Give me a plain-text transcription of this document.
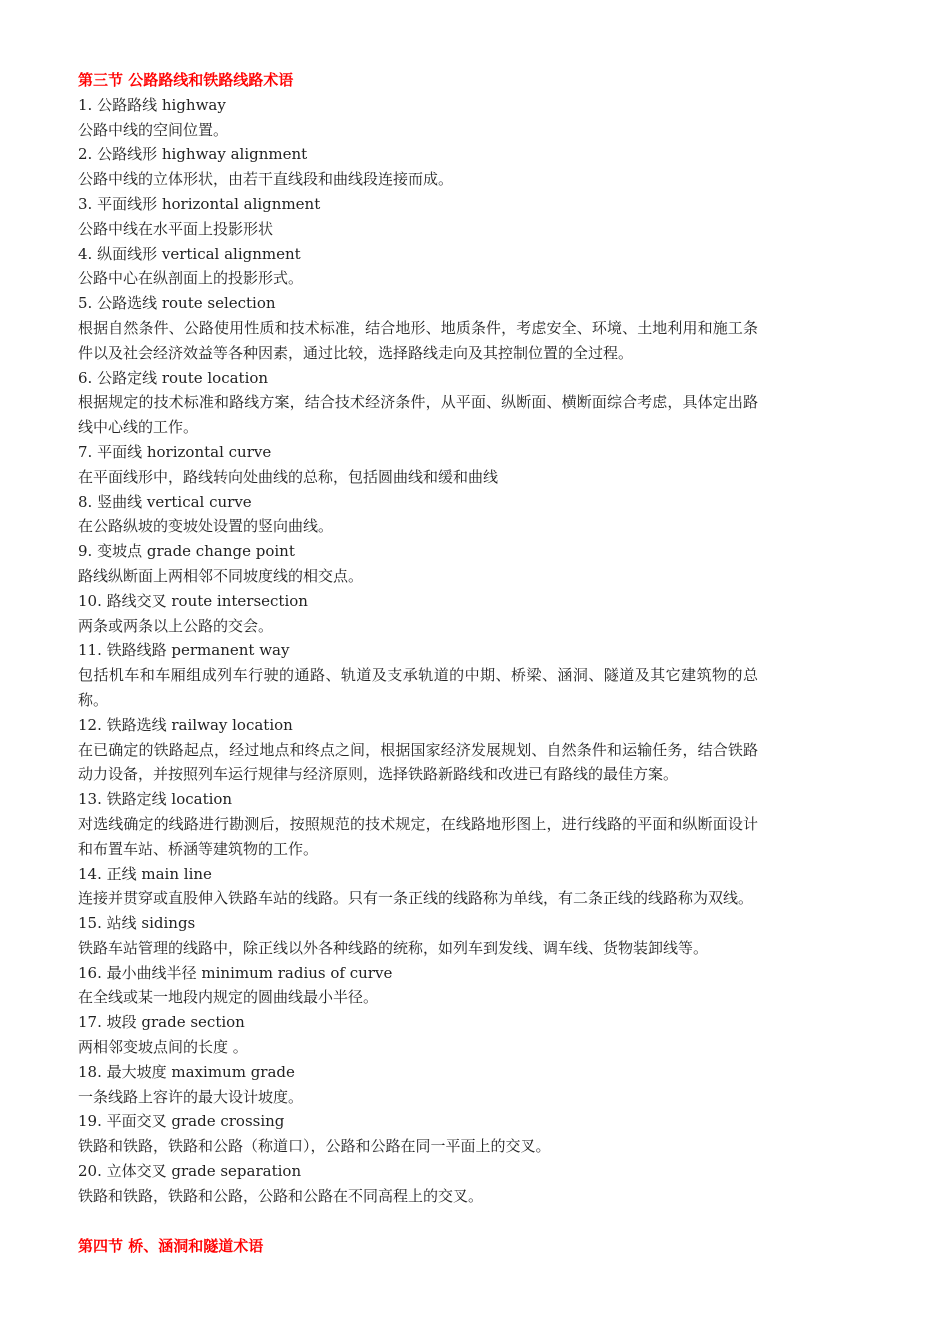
第三节 公路路线和铁路线路术语
1. 公路路线 highway
公路中线的空间位置。
2. 公路线形 highway alignment
公路中线的立体形状，由若干直线段和曲线段连接而成。
3. 平面线形 horizontal alignment
公路中线在水平面上投影形状
4. 纵面线形 vertical alignment
公路中心在纵剖面上的投影形式。
5. 公路选线 route selection
根据自然条件、公路使用性质和技术标准，结合地形、地质条件，考虑安全、环境、土地利用和施工条件以及社会经济效益等各种因素，通过比较，选择路线走向及其控制位置的全过程。
6. 公路定线 route location
根据规定的技术标准和路线方案，结合技术经济条件，从平面、纵断面、横断面综合考虑，具体定出路线中心线的工作。
7. 平面线 horizontal curve
在平面线形中，路线转向处曲线的总称，包括圆曲线和缓和曲线
8. 竖曲线 vertical curve
在公路纵坡的变坡处设置的竖向曲线。
9. 变坡点 grade change point
路线纵断面上两相邻不同坡度线的相交点。
10. 路线交叉 route intersection
两条或两条以上公路的交会。
11. 铁路线路 permanent way
包括机车和车厢组成列车行驶的通路、轨道及支承轨道的中期、桥梁、涵洞、隧道及其它建筑物的总称。
12. 铁路选线 railway location
在已确定的铁路起点，经过地点和终点之间，根据国家经济发展规划、自然条件和运输任务，结合铁路动力设备，并按照列车运行规律与经济原则，选择铁路新路线和改进已有路线的最佳方案。
13. 铁路定线 location
对选线确定的线路进行勘测后，按照规范的技术规定，在线路地形图上，进行线路的平面和纵断面设计和布置车站、桥涵等建筑物的工作。
14. 正线 main line
连接并贯穿或直股伸入铁路车站的线路。只有一条正线的线路称为单线，有二条正线的线路称为双线。
15. 站线 sidings
铁路车站管理的线路中，除正线以外各种线路的统称，如列车到发线、调车线、货物装卸线等。
16. 最小曲线半径 minimum radius of curve
在全线或某一地段内规定的圆曲线最小半径。
17. 坡段 grade section
两相邻变坡点间的长度 。
18. 最大坡度 maximum grade
一条线路上容许的最大设计坡度。
19. 平面交叉 grade crossing
铁路和铁路，铁路和公路（称道口），公路和公路在同一平面上的交叉。
20. 立体交叉 grade separation
铁路和铁路，铁路和公路，公路和公路在不同高程上的交叉。
第四节 桥、涵洞和隧道术语
